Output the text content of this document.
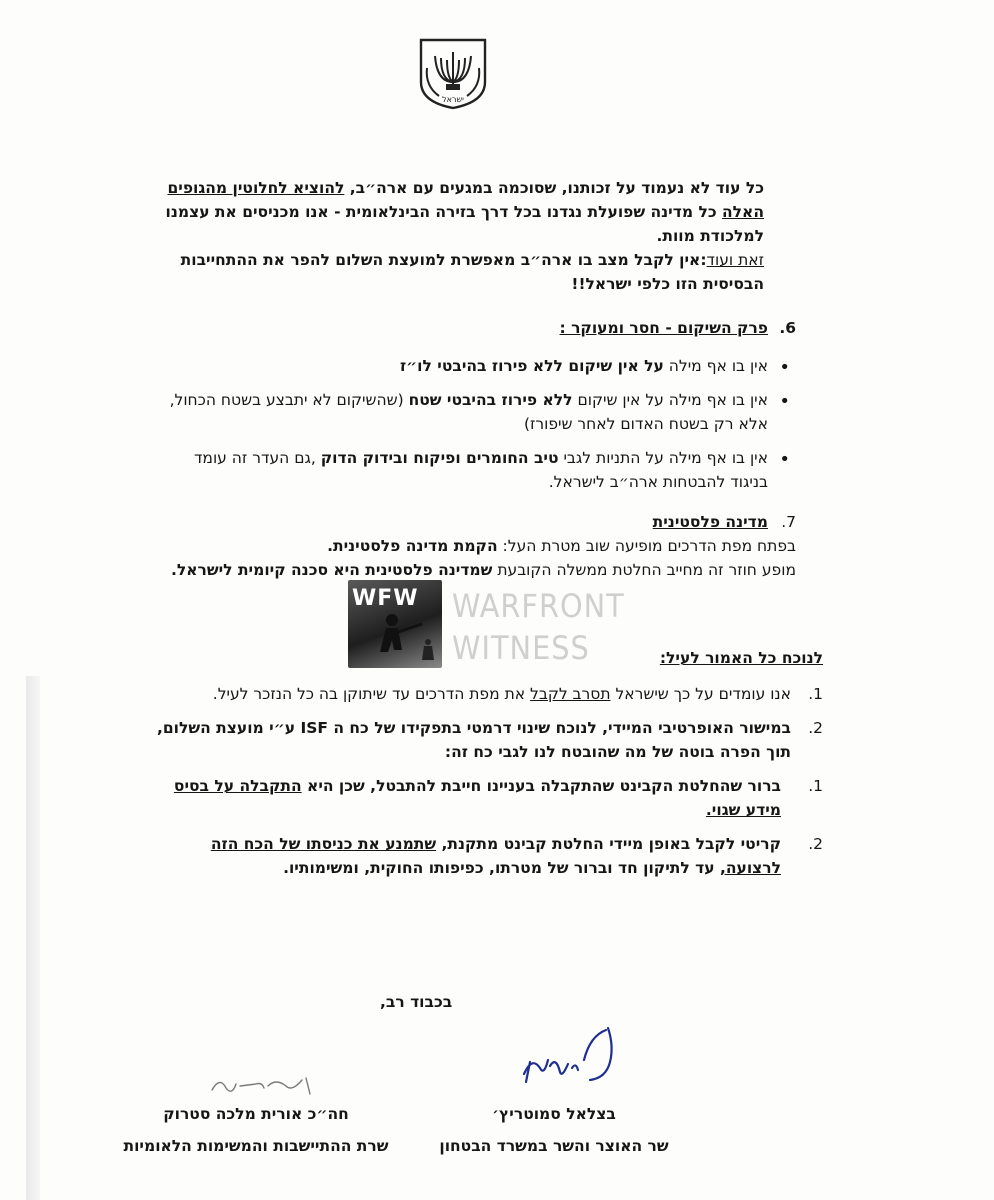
ישראל

כל עוד לא נעמוד על זכותנו, שסוכמה במגעים עם ארה״ב, להוציא לחלוטין מהגופים האלה כל מדינה שפועלת נגדנו בכל דרך בזירה הבינלאומית - אנו מכניסים את עצמנו למלכודת מוות.

זאת ועוד:אין לקבל מצב בו ארה״ב מאפשרת למועצת השלום להפר את ההתחייבות הבסיסית הזו כלפי ישראל!!

6.פרק השיקום - חסר ומעוקר :
• אין בו אף מילה על אין שיקום ללא פירוז בהיבטי לו״ז
• אין בו אף מילה על אין שיקום ללא פירוז בהיבטי שטח (שהשיקום לא יתבצע בשטח הכחול, אלא רק בשטח האדום לאחר שיפורז)
• אין בו אף מילה על התניות לגבי טיב החומרים ופיקוח ובידוק הדוק ,גם העדר זה עומד בניגוד להבטחות ארה״ב לישראל.
7.מדינה פלסטינית

בפתח מפת הדרכים מופיעה שוב מטרת העל: הקמת מדינה פלסטינית.

מופע חוזר זה מחייב החלטת ממשלה הקובעת שמדינה פלסטינית היא סכנה קיומית לישראל.

WFW WARFRONT
WITNESS	לנוכח כל האמור לעיל:
1.
אנו עומדים על כך שישראל תסרב לקבל את מפת הדרכים עד שיתוקן בה כל הנזכר לעיל.
2.
במישור האופרטיבי המיידי, לנוכח שינוי דרמטי בתפקידו של כח ה ISF ע״י מועצת השלום, תוך הפרה בוטה של מה שהובטח לנו לגבי כח זה:
1.
ברור שהחלטת הקבינט שהתקבלה בעניינו חייבת להתבטל, שכן היא התקבלה על בסיס מידע שגוי.
2.
קריטי לקבל באופן מיידי החלטת קבינט מתקנת, שתמנע את כניסתו של הכח הזה לרצועה, עד לתיקון חד וברור של מטרתו, כפיפותו החוקית, ומשימותיו.
בכבוד רב,
בצלאל סמוטריץ׳
שר האוצר והשר במשרד הבטחון
חה״כ אורית מלכה סטרוק
שרת ההתיישבות והמשימות הלאומיות
